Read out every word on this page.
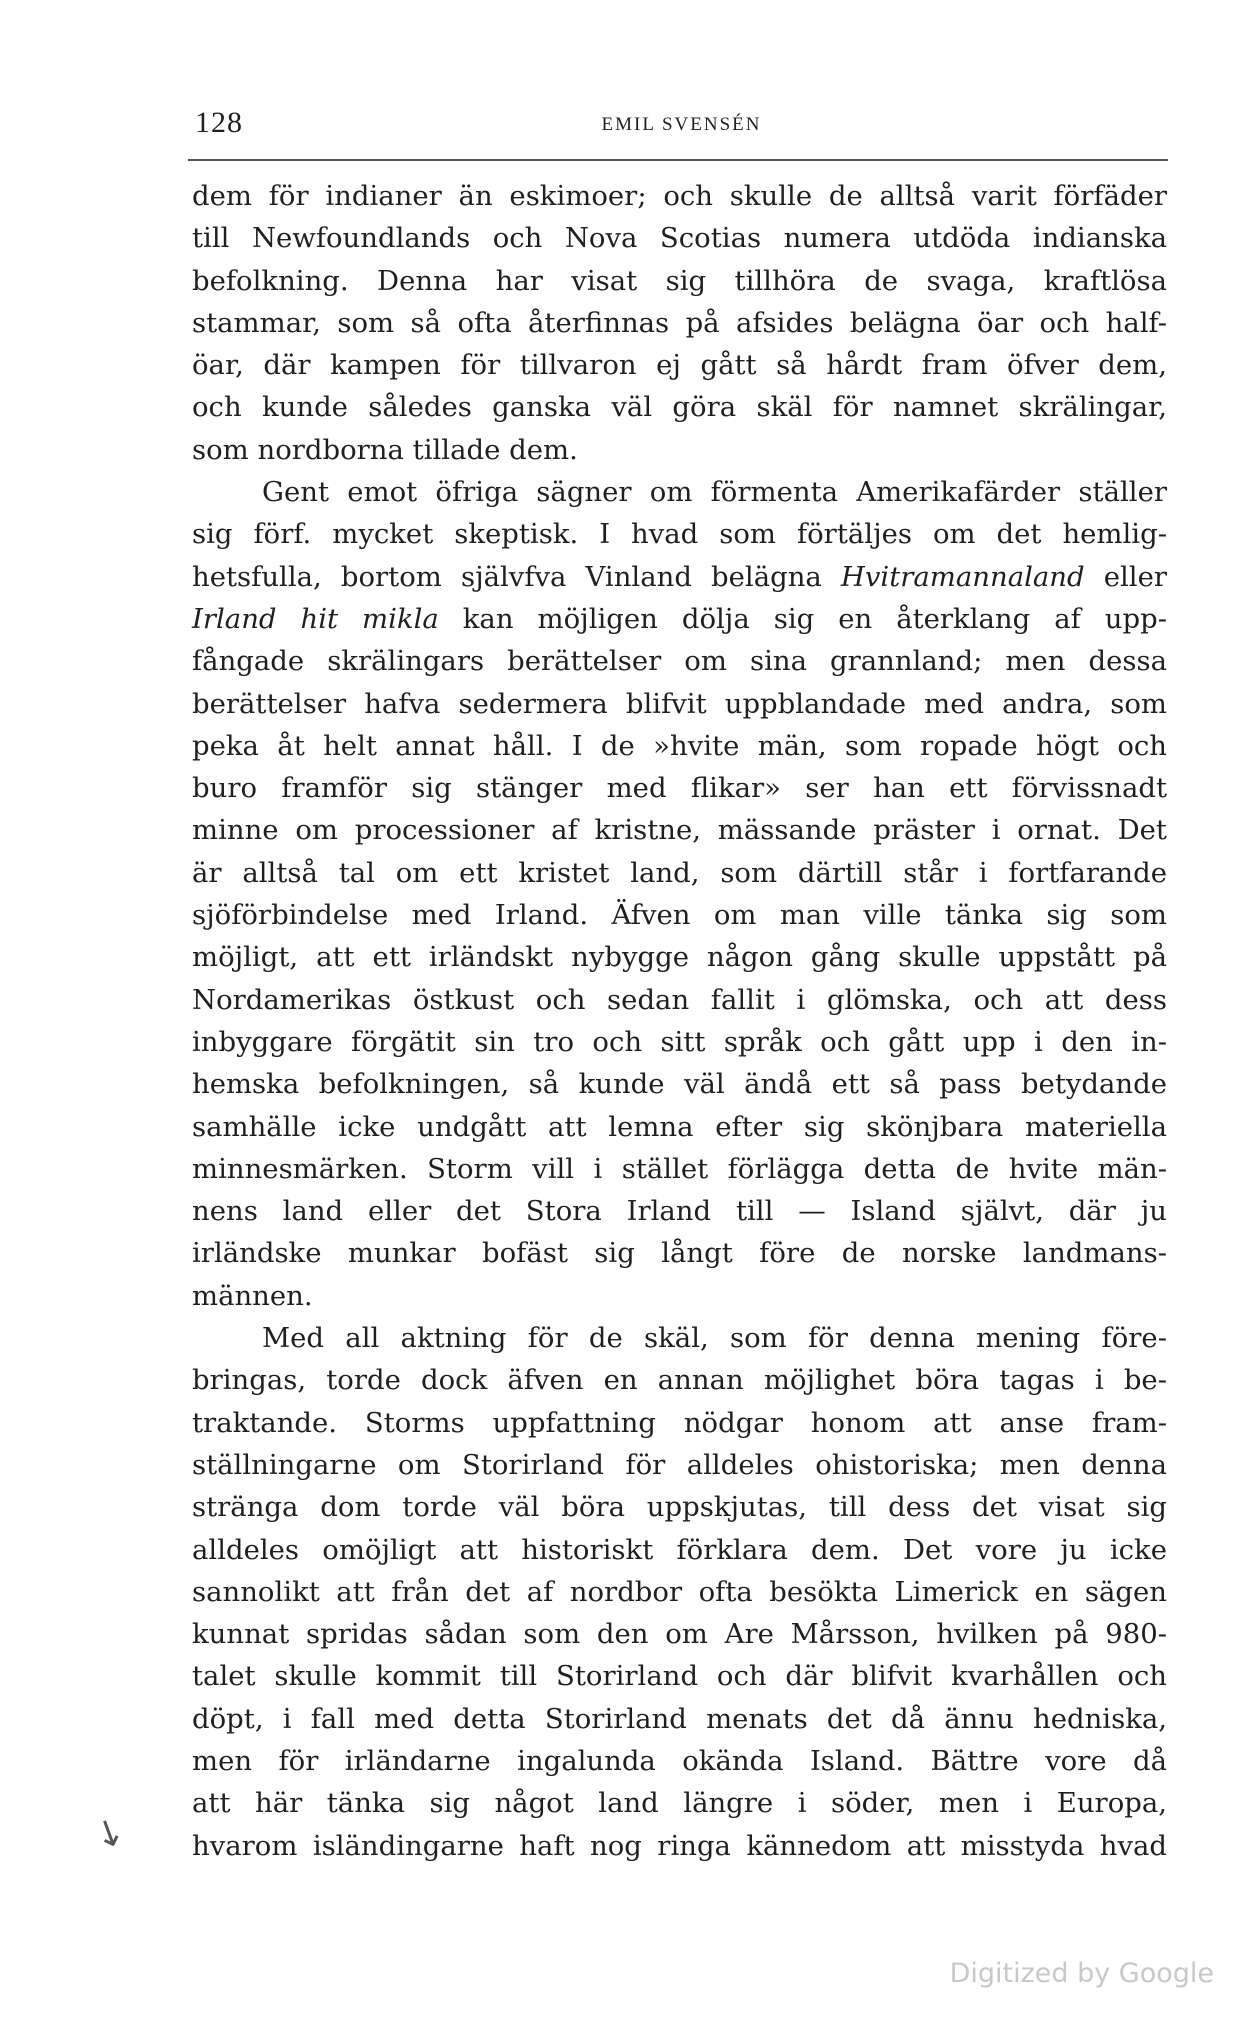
128	EMIL SVENSÉN
dem för indianer än eskimoer; och skulle de alltså varit förfäder
till Newfoundlands och Nova Scotias numera utdöda indianska
befolkning. Denna har visat sig tillhöra de svaga, kraftlösa
stammar, som så ofta återfinnas på afsides belägna öar och half-
öar, där kampen för tillvaron ej gått så hårdt fram öfver dem,
och kunde således ganska väl göra skäl för namnet skrälingar,
som nordborna tillade dem.
Gent emot öfriga sägner om förmenta Amerikafärder ställer
sig förf. mycket skeptisk. I hvad som förtäljes om det hemlig-
hetsfulla, bortom självfva Vinland belägna Hvitramannaland eller
Irland hit mikla kan möjligen dölja sig en återklang af upp-
fångade skrälingars berättelser om sina grannland; men dessa
berättelser hafva sedermera blifvit uppblandade med andra, som
peka åt helt annat håll. I de »hvite män, som ropade högt och
buro framför sig stänger med flikar» ser han ett förvissnadt
minne om processioner af kristne, mässande präster i ornat. Det
är alltså tal om ett kristet land, som därtill står i fortfarande
sjöförbindelse med Irland. Äfven om man ville tänka sig som
möjligt, att ett irländskt nybygge någon gång skulle uppstått på
Nordamerikas östkust och sedan fallit i glömska, och att dess
inbyggare förgätit sin tro och sitt språk och gått upp i den in-
hemska befolkningen, så kunde väl ändå ett så pass betydande
samhälle icke undgått att lemna efter sig skönjbara materiella
minnesmärken. Storm vill i stället förlägga detta de hvite män-
nens land eller det Stora Irland till — Island självt, där ju
irländske munkar bofäst sig långt före de norske landmans-
männen.
Med all aktning för de skäl, som för denna mening före-
bringas, torde dock äfven en annan möjlighet böra tagas i be-
traktande. Storms uppfattning nödgar honom att anse fram-
ställningarne om Storirland för alldeles ohistoriska; men denna
stränga dom torde väl böra uppskjutas, till dess det visat sig
alldeles omöjligt att historiskt förklara dem. Det vore ju icke
sannolikt att från det af nordbor ofta besökta Limerick en sägen
kunnat spridas sådan som den om Are Mårsson, hvilken på 980-
talet skulle kommit till Storirland och där blifvit kvarhållen och
döpt, i fall med detta Storirland menats det då ännu hedniska,
men för irländarne ingalunda okända Island. Bättre vore då
att här tänka sig något land längre i söder, men i Europa,
hvarom isländingarne haft nog ringa kännedom att misstyda hvad
↘
Digitized by Google
